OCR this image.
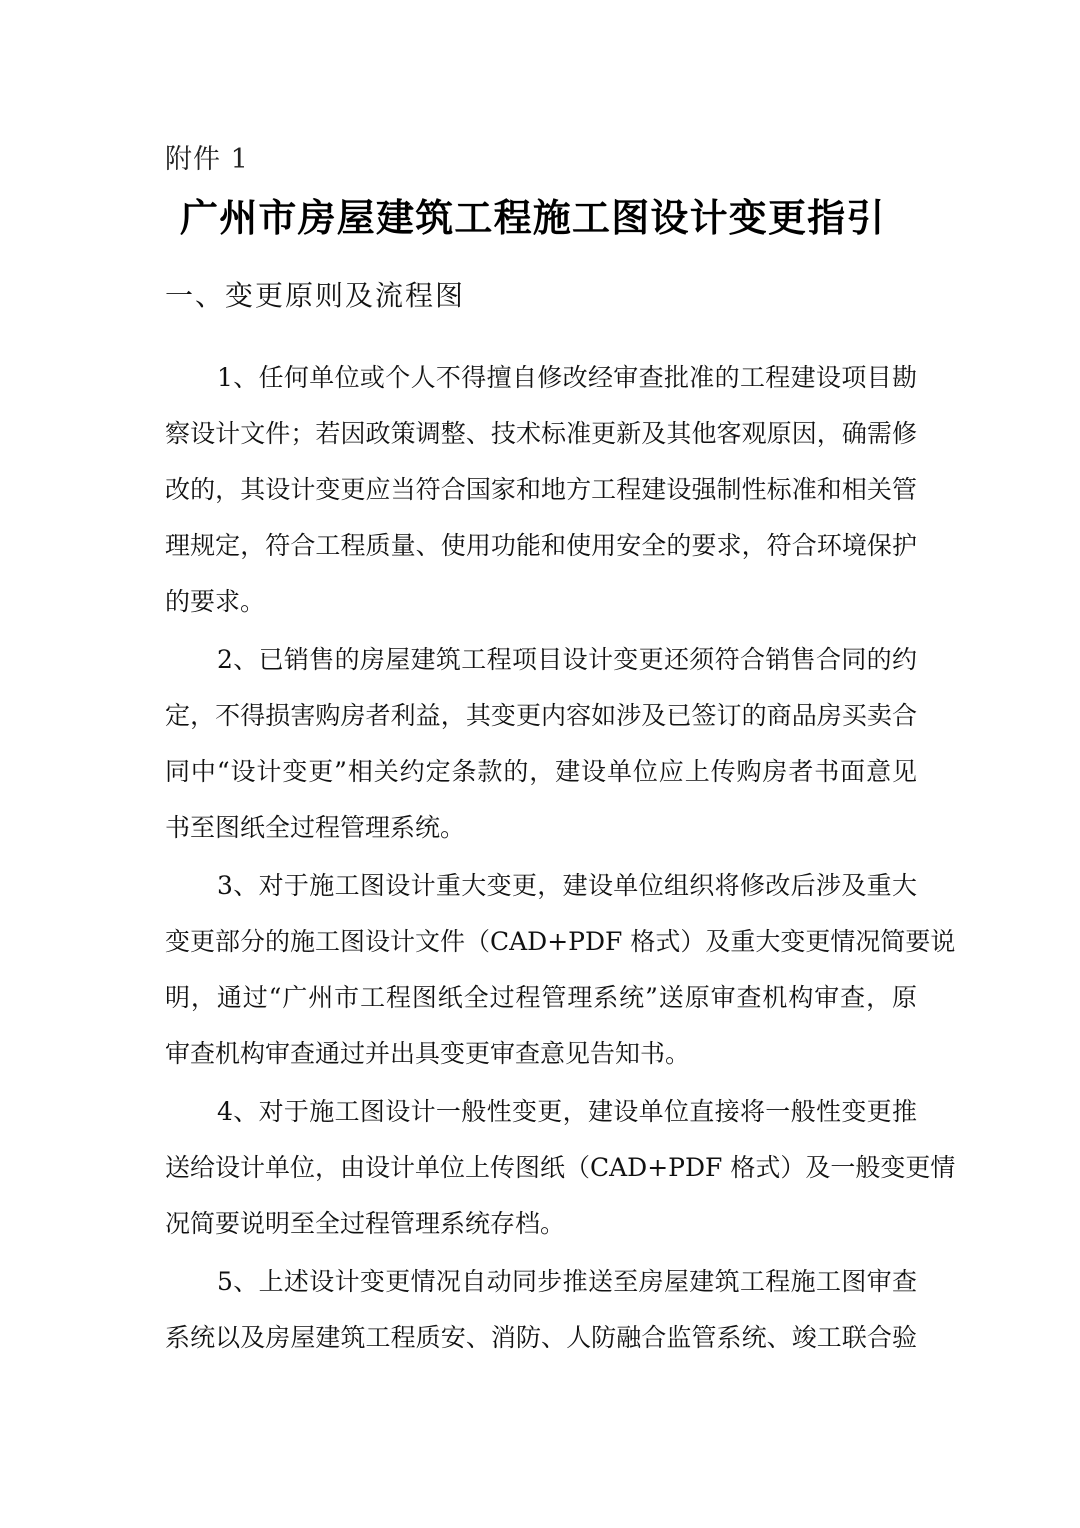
附件 1
广州市房屋建筑工程施工图设计变更指引
一、变更原则及流程图
1、任何单位或个人不得擅自修改经审查批准的工程建设项目勘
察设计文件；若因政策调整、技术标准更新及其他客观原因，确需修
改的，其设计变更应当符合国家和地方工程建设强制性标准和相关管
理规定，符合工程质量、使用功能和使用安全的要求，符合环境保护
的要求。
2、已销售的房屋建筑工程项目设计变更还须符合销售合同的约
定，不得损害购房者利益，其变更内容如涉及已签订的商品房买卖合
同中“设计变更”相关约定条款的，建设单位应上传购房者书面意见
书至图纸全过程管理系统。
3、对于施工图设计重大变更，建设单位组织将修改后涉及重大
变更部分的施工图设计文件（CAD+PDF 格式）及重大变更情况简要说
明，通过“广州市工程图纸全过程管理系统”送原审查机构审查，原
审查机构审查通过并出具变更审查意见告知书。
4、对于施工图设计一般性变更，建设单位直接将一般性变更推
送给设计单位，由设计单位上传图纸（CAD+PDF 格式）及一般变更情
况简要说明至全过程管理系统存档。
5、上述设计变更情况自动同步推送至房屋建筑工程施工图审查
系统以及房屋建筑工程质安、消防、人防融合监管系统、竣工联合验
